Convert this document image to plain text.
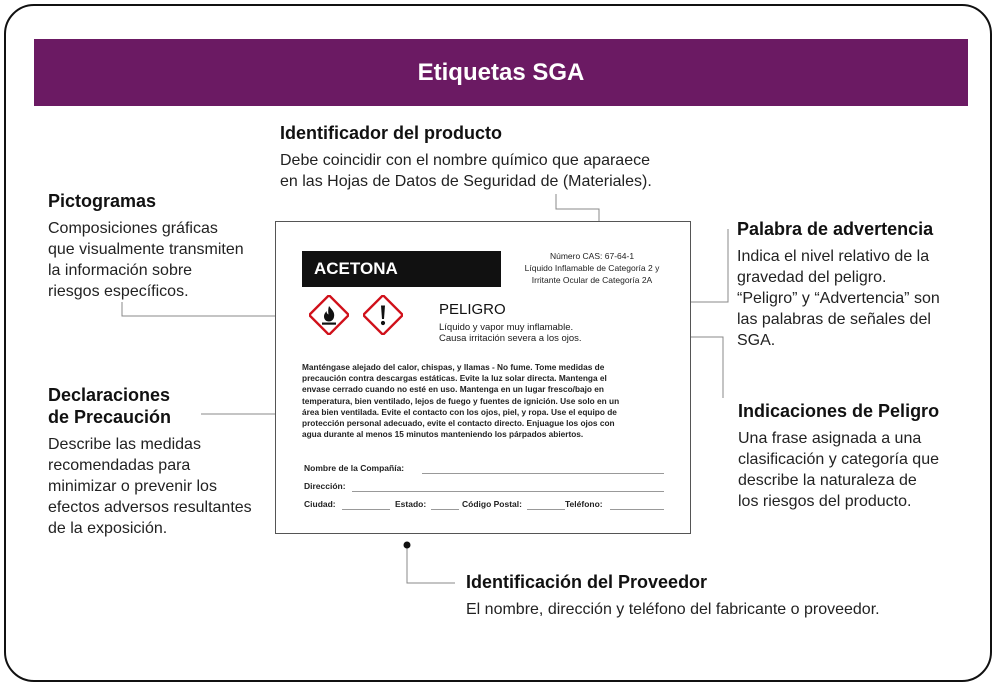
Etiquetas SGA
Identificador del producto
Debe coincidir con el nombre químico que aparaece
en las Hojas de Datos de Seguridad de (Materiales).
Pictogramas
Composiciones gráficas
que visualmente transmiten
la información sobre
riesgos específicos.
Palabra de advertencia
Indica el nivel relativo de la
gravedad del peligro.
“Peligro” y “Advertencia” son
las palabras de señales del
SGA.
Declaraciones
de Precaución
Describe las medidas
recomendadas para
minimizar o prevenir los
efectos adversos resultantes
de la exposición.
Indicaciones de Peligro
Una frase asignada a una
clasificación y categoría que
describe la naturaleza de
los riesgos del producto.
Identificación del Proveedor
El nombre, dirección y teléfono del fabricante o proveedor.
ACETONA
Número CAS: 67-64-1
Líquido Inflamable de Categoría 2 y
Irritante Ocular de Categoría 2A
PELIGRO
Líquido y vapor muy inflamable.
Causa irritación severa a los ojos.
Manténgase alejado del calor, chispas, y llamas - No fume. Tome medidas de
precaución contra descargas estáticas. Evite la luz solar directa. Mantenga el
envase cerrado cuando no esté en uso. Mantenga en un lugar fresco/bajo en
temperatura, bien ventilado, lejos de fuego y fuentes de ignición. Use solo en un
área bien ventilada. Evite el contacto con los ojos, piel, y ropa. Use el equipo de
protección personal adecuado, evite el contacto directo. Enjuague los ojos con
agua durante al menos 15 minutos manteniendo los párpados abiertos.
Nombre de la Compañía:
Dirección:
Ciudad:	Estado:	Código Postal:	Teléfono:
